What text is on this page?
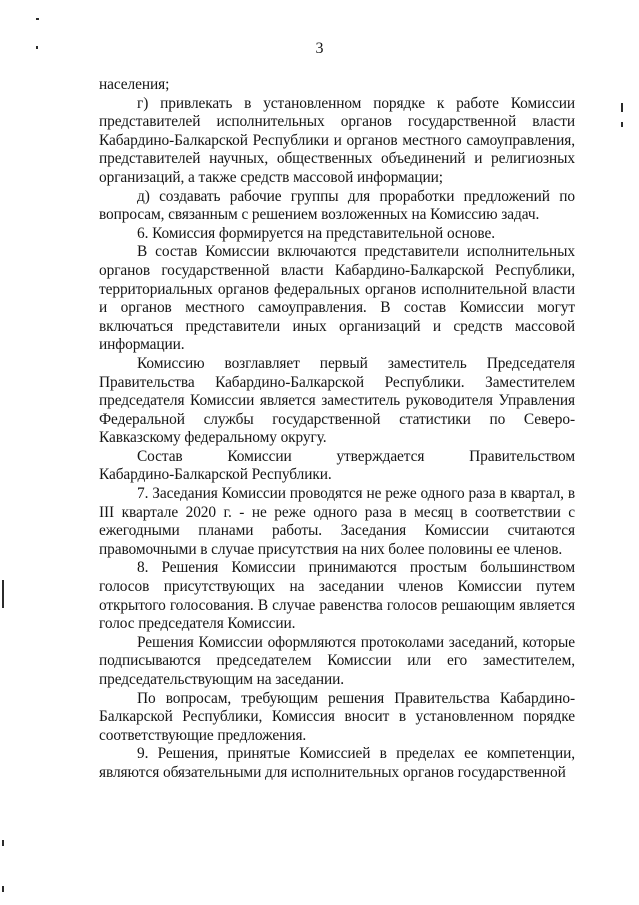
3

населения;

г) привлекать в установленном порядке к работе Комиссии представителей исполнительных органов государственной власти Кабардино-Балкарской Республики и органов местного самоуправления, представителей научных, общественных объединений и религиозных организаций, а также средств массовой информации;

д) создавать рабочие группы для проработки предложений по вопросам, связанным с решением возложенных на Комиссию задач.

6. Комиссия формируется на представительной основе.

В состав Комиссии включаются представители исполнительных органов государственной власти Кабардино-Балкарской Республики, территориальных органов федеральных органов исполнительной власти и органов местного самоуправления. В состав Комиссии могут включаться представители иных организаций и средств массовой информации.

Комиссию возглавляет первый заместитель Председателя Правительства Кабардино-Балкарской Республики. Заместителем председателя Комиссии является заместитель руководителя Управления Федеральной службы государственной статистики по Северо-Кавказскому федеральному округу.

Состав Комиссии утверждается Правительством

Кабардино-Балкарской Республики.

7. Заседания Комиссии проводятся не реже одного раза в квартал, в III квартале 2020 г. - не реже одного раза в месяц в соответствии с ежегодными планами работы. Заседания Комиссии считаются правомочными в случае присутствия на них более половины ее членов.

8. Решения Комиссии принимаются простым большинством голосов присутствующих на заседании членов Комиссии путем открытого голосования. В случае равенства голосов решающим является голос председателя Комиссии.

Решения Комиссии оформляются протоколами заседаний, которые подписываются председателем Комиссии или его заместителем, председательствующим на заседании.

По вопросам, требующим решения Правительства Кабардино-Балкарской Республики, Комиссия вносит в установленном порядке соответствующие предложения.

9. Решения, принятые Комиссией в пределах ее компетенции, являются обязательными для исполнительных органов государственной
